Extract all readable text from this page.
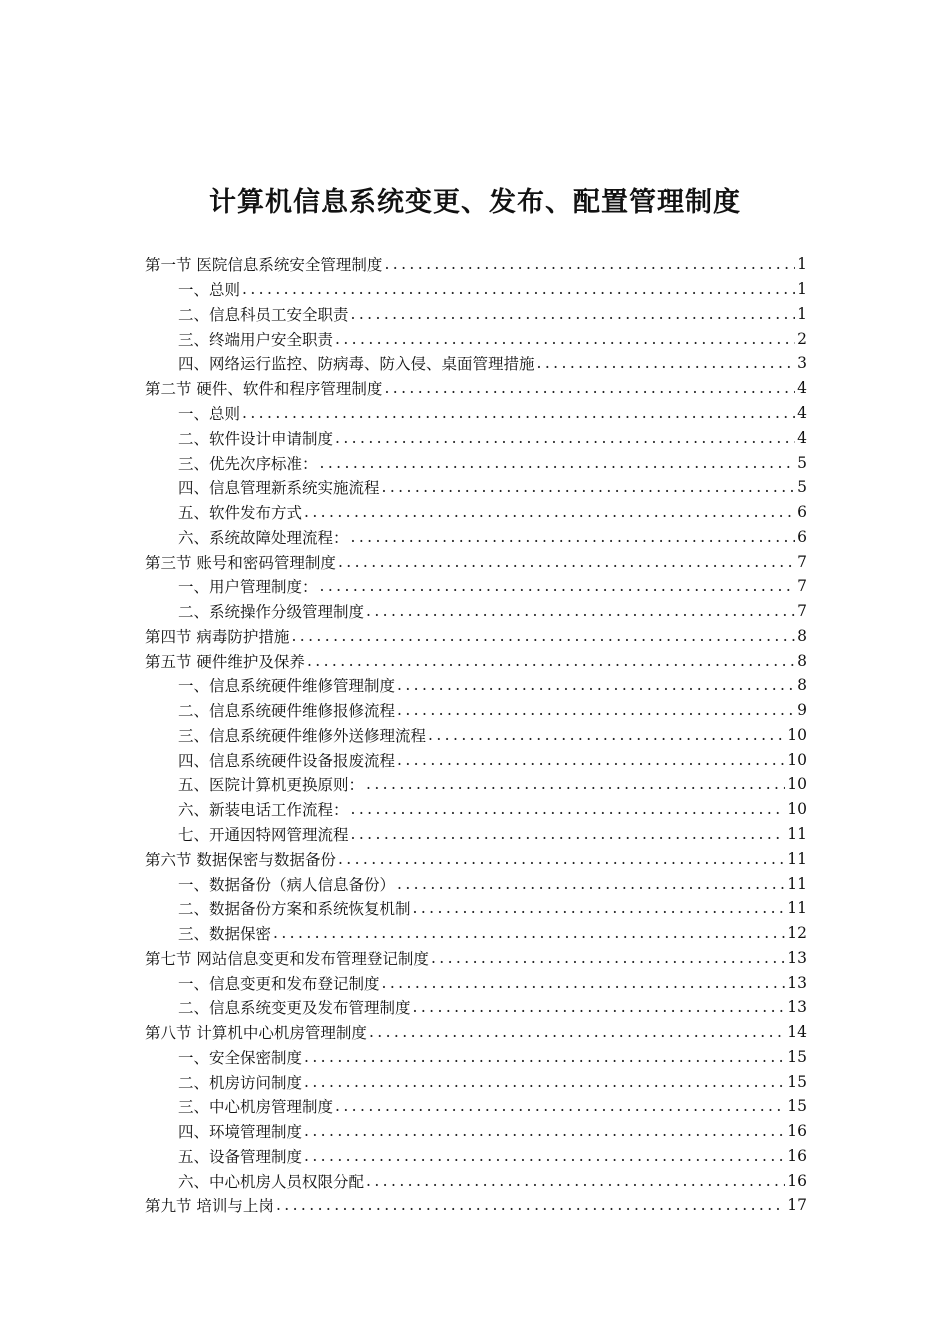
计算机信息系统变更、发布、配置管理制度
第一节 医院信息系统安全管理制度 .....	1
一、总则 .....	1
二、信息科员工安全职责 .....	1
三、终端用户安全职责 .....	2
四、网络运行监控、防病毒、防入侵、桌面管理措施 .....	3
第二节 硬件、软件和程序管理制度 .....	4
一、总则 .....	4
二、软件设计申请制度 .....	4
三、优先次序标准： .....	5
四、信息管理新系统实施流程 .....	5
五、软件发布方式 .....	6
六、系统故障处理流程： .....	6
第三节 账号和密码管理制度 .....	7
一、用户管理制度： .....	7
二、系统操作分级管理制度 .....	7
第四节 病毒防护措施 .....	8
第五节 硬件维护及保养 .....	8
一、信息系统硬件维修管理制度 .....	8
二、信息系统硬件维修报修流程 .....	9
三、信息系统硬件维修外送修理流程 .....	10
四、信息系统硬件设备报废流程 .....	10
五、医院计算机更换原则： .....	10
六、新装电话工作流程： .....	10
七、开通因特网管理流程 .....	11
第六节 数据保密与数据备份 .....	11
一、数据备份（病人信息备份） .....	11
二、数据备份方案和系统恢复机制 .....	11
三、数据保密 .....	12
第七节 网站信息变更和发布管理登记制度 .....	13
一、信息变更和发布登记制度 .....	13
二、信息系统变更及发布管理制度 .....	13
第八节 计算机中心机房管理制度 .....	14
一、安全保密制度 .....	15
二、机房访问制度 .....	15
三、中心机房管理制度 .....	15
四、环境管理制度 .....	16
五、设备管理制度 .....	16
六、中心机房人员权限分配 .....	16
第九节 培训与上岗 .....	17
